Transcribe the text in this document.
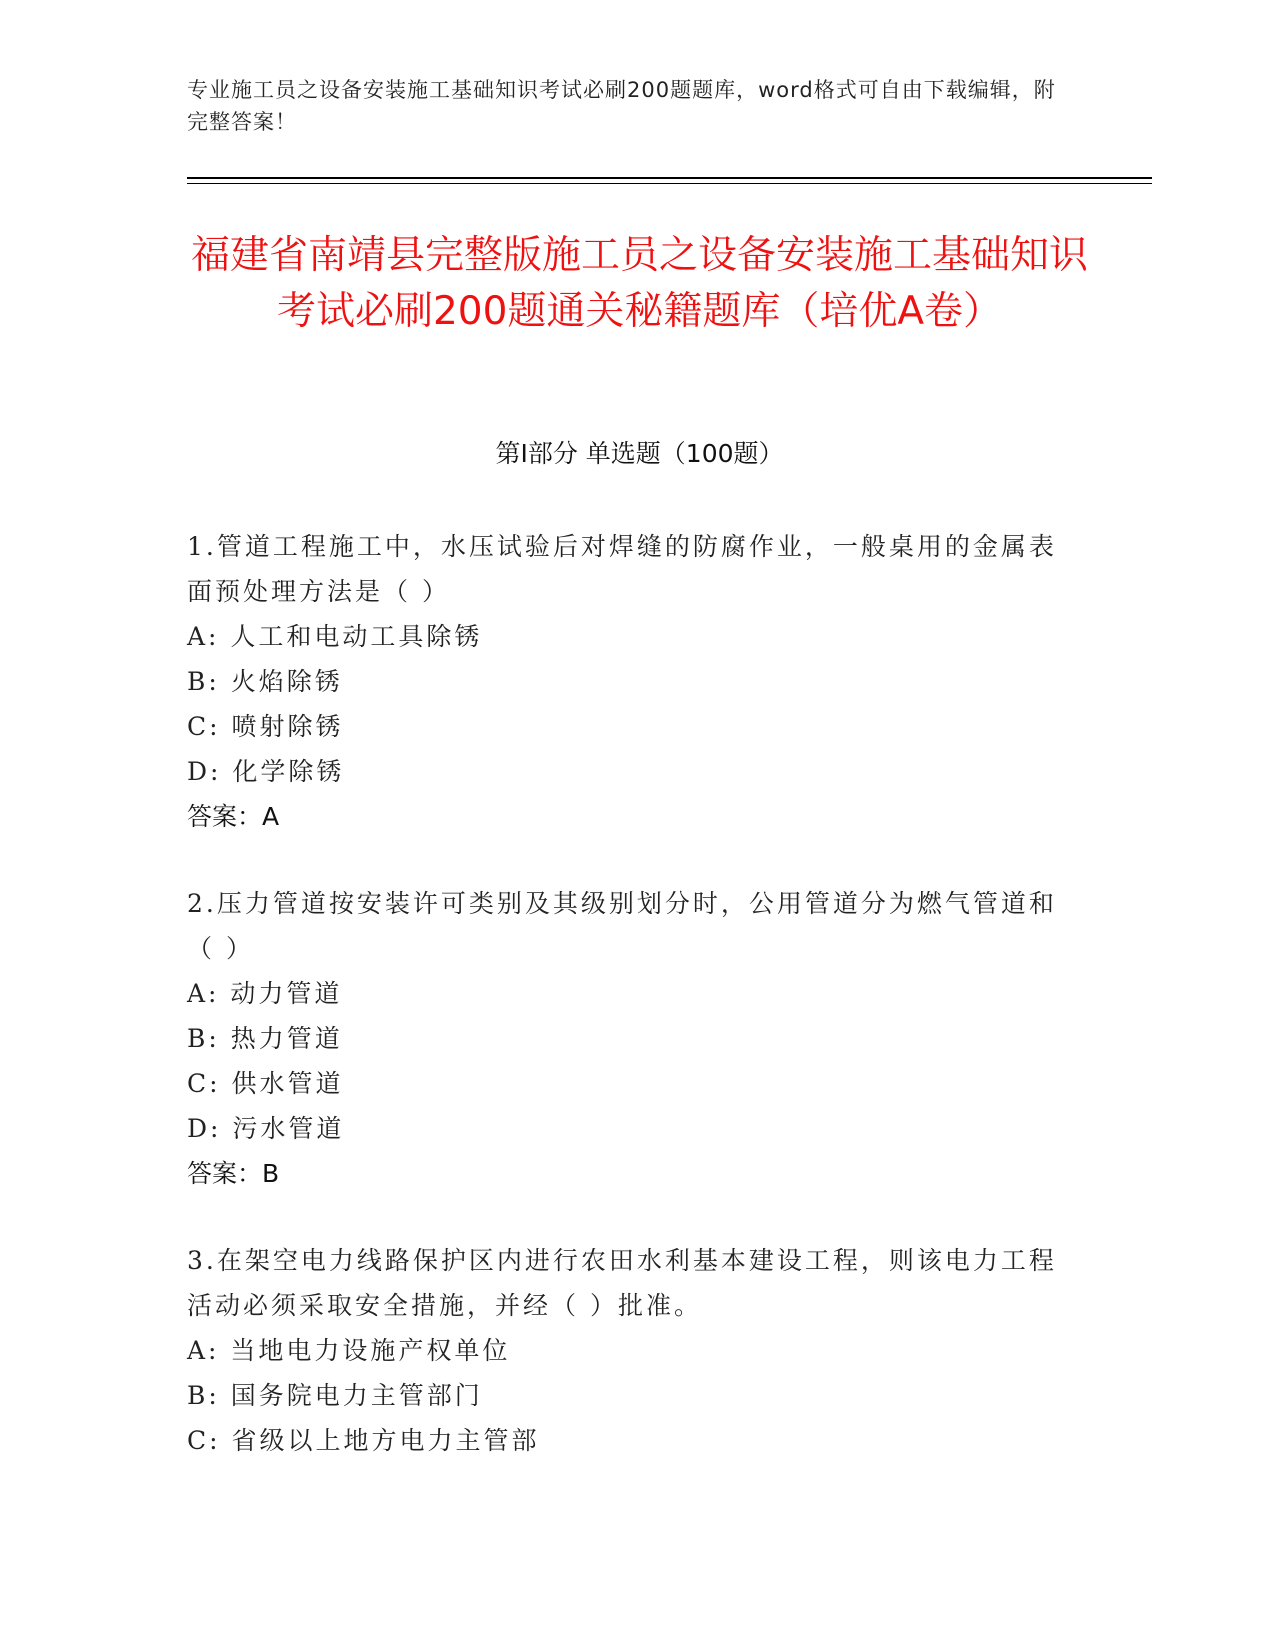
专业施工员之设备安装施工基础知识考试必刷200题题库，word格式可自由下载编辑，附完整答案！
福建省南靖县完整版施工员之设备安装施工基础知识考试必刷200题通关秘籍题库（培优A卷）
第I部分 单选题（100题）
1.管道工程施工中，水压试验后对焊缝的防腐作业，一般桌用的金属表面预处理方法是（ ）
A: 人工和电动工具除锈
B: 火焰除锈
C: 喷射除锈
D: 化学除锈
答案：A
2.压力管道按安装许可类别及其级别划分时，公用管道分为燃气管道和（ ）
A: 动力管道
B: 热力管道
C: 供水管道
D: 污水管道
答案：B
3.在架空电力线路保护区内进行农田水利基本建设工程，则该电力工程活动必须采取安全措施，并经（ ）批准。
A: 当地电力设施产权单位
B: 国务院电力主管部门
C: 省级以上地方电力主管部
